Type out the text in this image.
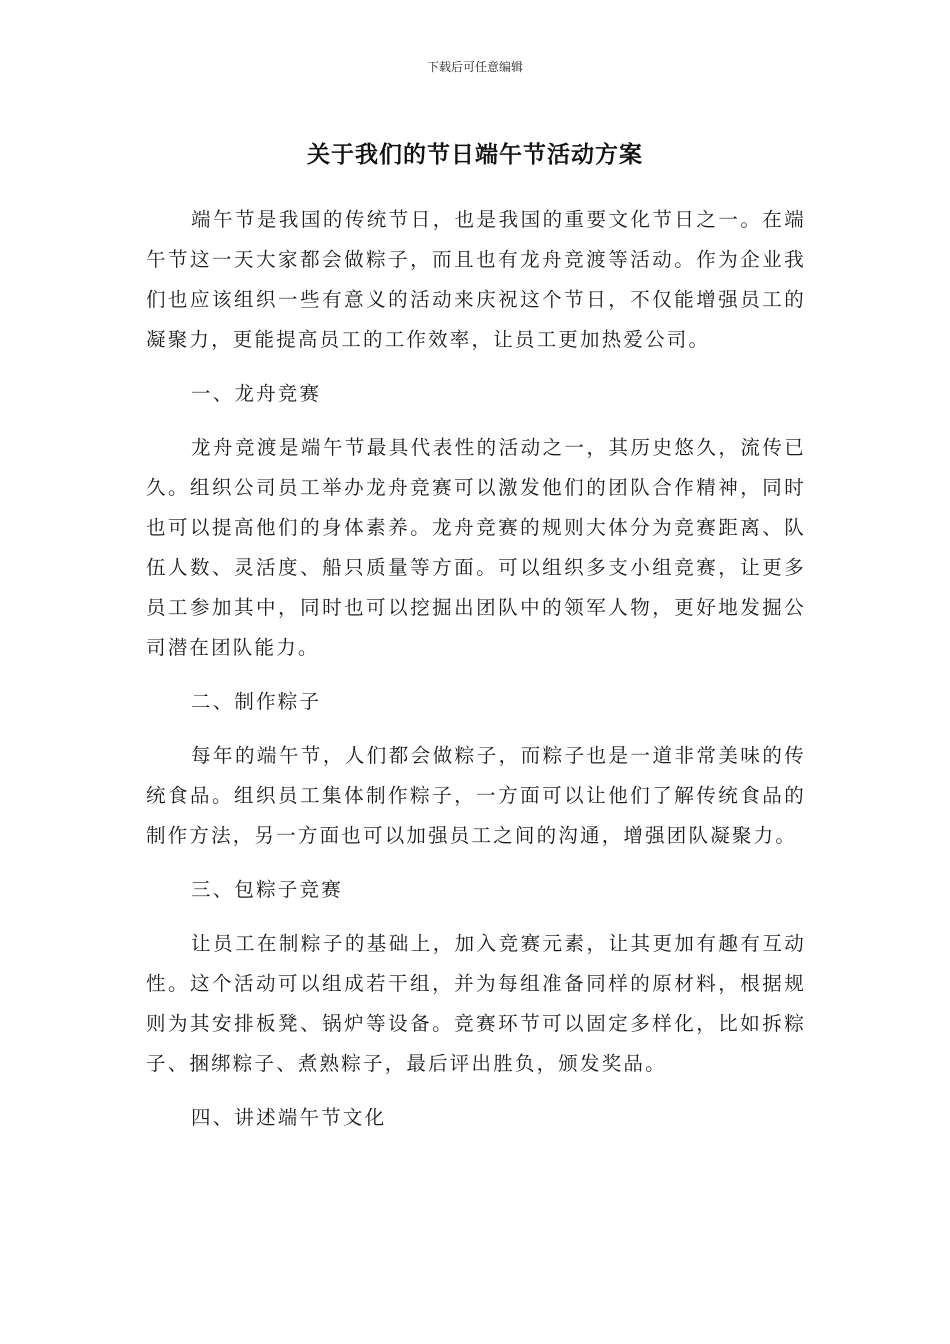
下载后可任意编辑
关于我们的节日端午节活动方案

端午节是我国的传统节日，也是我国的重要文化节日之一。在端午节这一天大家都会做粽子，而且也有龙舟竞渡等活动。作为企业我们也应该组织一些有意义的活动来庆祝这个节日，不仅能增强员工的凝聚力，更能提高员工的工作效率，让员工更加热爱公司。

一、龙舟竞赛

龙舟竞渡是端午节最具代表性的活动之一，其历史悠久，流传已久。组织公司员工举办龙舟竞赛可以激发他们的团队合作精神，同时也可以提高他们的身体素养。龙舟竞赛的规则大体分为竞赛距离、队伍人数、灵活度、船只质量等方面。可以组织多支小组竞赛，让更多员工参加其中，同时也可以挖掘出团队中的领军人物，更好地发掘公司潜在团队能力。

二、制作粽子

每年的端午节，人们都会做粽子，而粽子也是一道非常美味的传统食品。组织员工集体制作粽子，一方面可以让他们了解传统食品的制作方法，另一方面也可以加强员工之间的沟通，增强团队凝聚力。

三、包粽子竞赛

让员工在制粽子的基础上，加入竞赛元素，让其更加有趣有互动性。这个活动可以组成若干组，并为每组准备同样的原材料，根据规则为其安排板凳、锅炉等设备。竞赛环节可以固定多样化，比如拆粽子、捆绑粽子、煮熟粽子，最后评出胜负，颁发奖品。

四、讲述端午节文化
